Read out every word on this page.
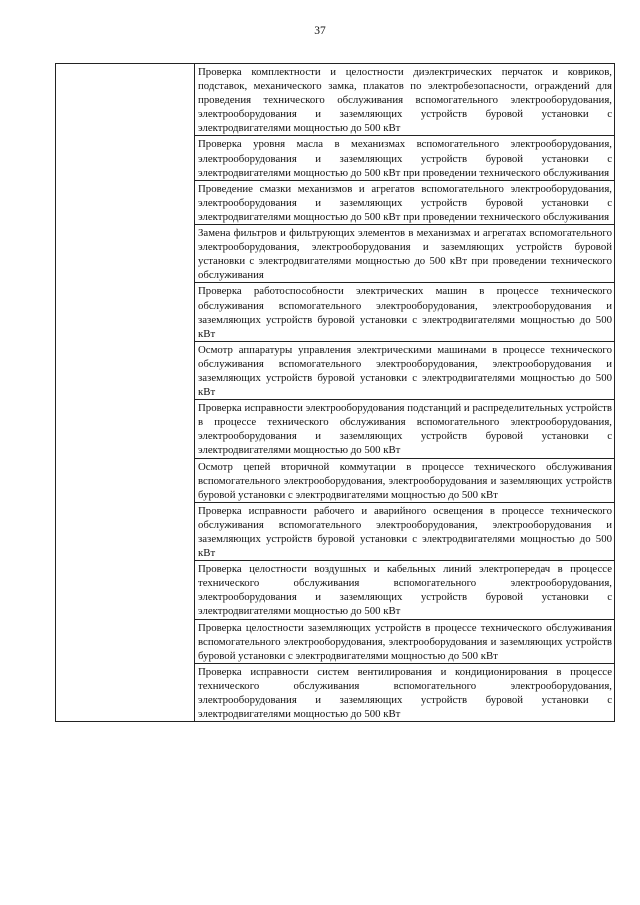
37

Проверка комплектности и целостности диэлектрических перчаток и ковриков, подставок, механического замка, плакатов по электробезопасности, ограждений для проведения технического обслуживания вспомогательного электрооборудования, электрооборудования и заземляющих устройств буровой установки с электродвигателями мощностью до 500 кВт

Проверка уровня масла в механизмах вспомогательного электрооборудования, электрооборудования и заземляющих устройств буровой установки с электродвигателями мощностью до 500 кВт при проведении технического обслуживания

Проведение смазки механизмов и агрегатов вспомогательного электрооборудования, электрооборудования и заземляющих устройств буровой установки с электродвигателями мощностью до 500 кВт при проведении технического обслуживания

Замена фильтров и фильтрующих элементов в механизмах и агрегатах вспомогательного электрооборудования, электрооборудования и заземляющих устройств буровой установки с электродвигателями мощностью до 500 кВт при проведении технического обслуживания

Проверка работоспособности электрических машин в процессе технического обслуживания вспомогательного электрооборудования, электрооборудования и заземляющих устройств буровой установки с электродвигателями мощностью до 500 кВт

Осмотр аппаратуры управления электрическими машинами в процессе технического обслуживания вспомогательного электрооборудования, электрооборудования и заземляющих устройств буровой установки с электродвигателями мощностью до 500 кВт

Проверка исправности электрооборудования подстанций и распределительных устройств в процессе технического обслуживания вспомогательного электрооборудования, электрооборудования и заземляющих устройств буровой установки с электродвигателями мощностью до 500 кВт

Осмотр цепей вторичной коммутации в процессе технического обслуживания вспомогательного электрооборудования, электрооборудования и заземляющих устройств буровой установки с электродвигателями мощностью до 500 кВт

Проверка исправности рабочего и аварийного освещения в процессе технического обслуживания вспомогательного электрооборудования, электрооборудования и заземляющих устройств буровой установки с электродвигателями мощностью до 500 кВт

Проверка целостности воздушных и кабельных линий электропередач в процессе технического обслуживания вспомогательного электрооборудования, электрооборудования и заземляющих устройств буровой установки с электродвигателями мощностью до 500 кВт

Проверка целостности заземляющих устройств в процессе технического обслуживания вспомогательного электрооборудования, электрооборудования и заземляющих устройств буровой установки с электродвигателями мощностью до 500 кВт

Проверка исправности систем вентилирования и кондиционирования в процессе технического обслуживания вспомогательного электрооборудования, электрооборудования и заземляющих устройств буровой установки с электродвигателями мощностью до 500 кВт
